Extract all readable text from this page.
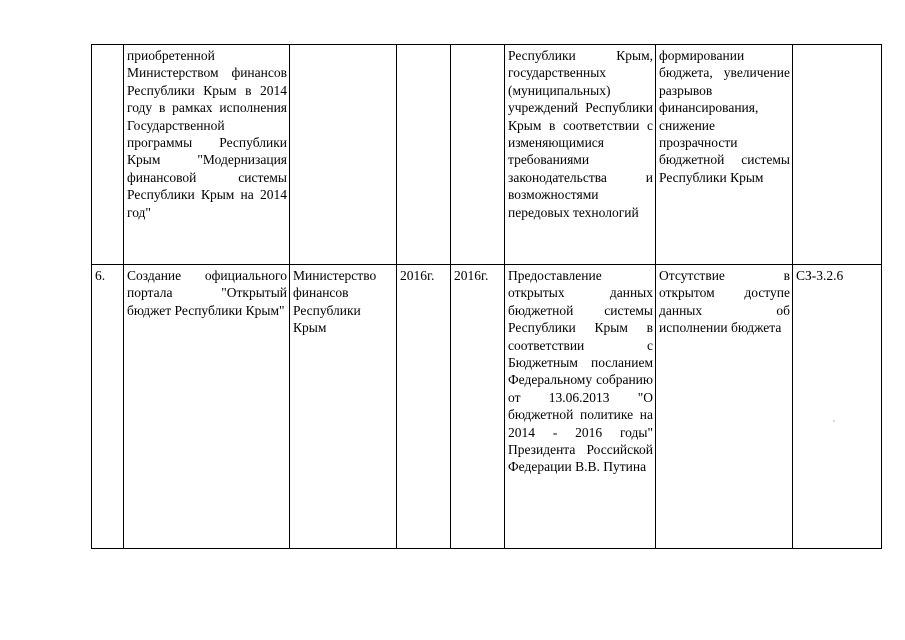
	приобретенной Министерством финансов Республики Крым в 2014 году в рамках исполнения Государственной программы Республики Крым "Модернизация финансовой системы Республики Крым на 2014 год"				Республики Крым, государственных (муниципальных) учреждений Республики Крым в соответствии с изменяющимися требованиями законодательства и возможностями передовых технологий	формировании бюджета, увеличение разрывов финансирования, снижение прозрачности бюджетной системы Республики Крым	
6.	Создание официального портала "Открытый бюджет Республики Крым"	Министерство финансов Республики Крым	2016г.	2016г.	Предоставление открытых данных бюджетной системы Республики Крым в соответствии с Бюджетным посланием Федеральному собранию от 13.06.2013 "О бюджетной политике на 2014 - 2016 годы" Президента Российской Федерации В.В. Путина	Отсутствие в открытом доступе данных об исполнении бюджета	СЗ-3.2.6
